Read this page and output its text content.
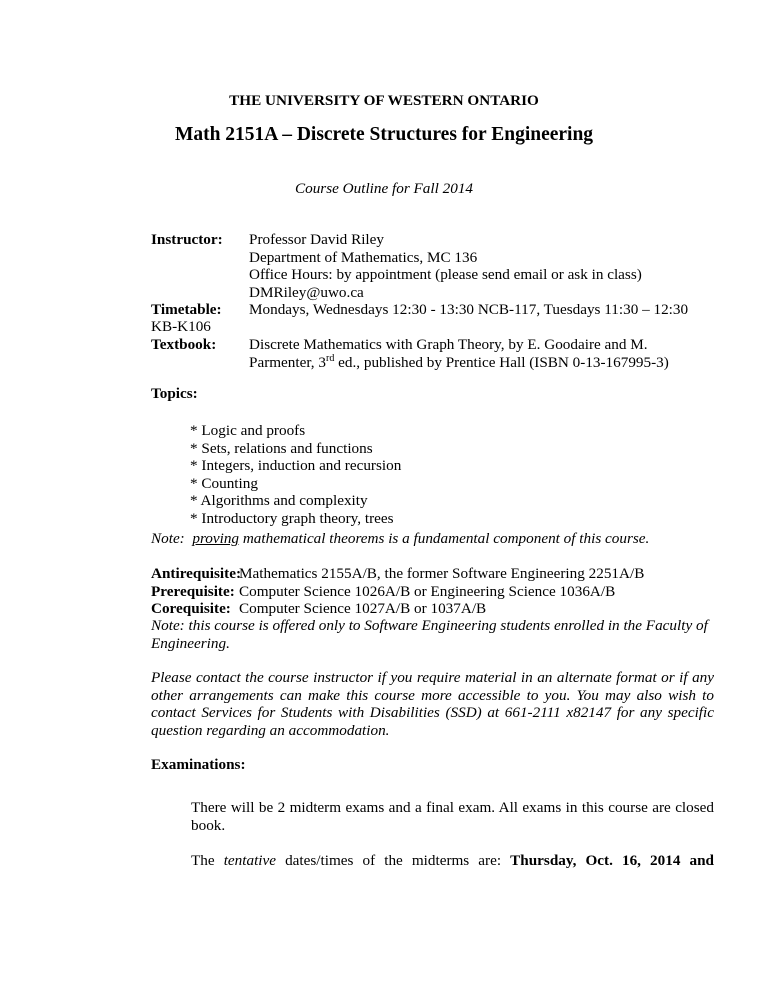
THE UNIVERSITY OF WESTERN ONTARIO
Math 2151A – Discrete Structures for Engineering
Course Outline for Fall 2014
Instructor: Professor David Riley
Department of Mathematics, MC 136
Office Hours: by appointment (please send email or ask in class)
DMRiley@uwo.ca
Timetable:
KB-K106
Mondays, Wednesdays 12:30 - 13:30 NCB-117, Tuesdays 11:30 – 12:30
Textbook: Discrete Mathematics with Graph Theory, by E. Goodaire and M.
Parmenter, 3rd ed., published by Prentice Hall (ISBN 0-13-167995-3)
Topics:
* Logic and proofs
* Sets, relations and functions
* Integers, induction and recursion
* Counting
* Algorithms and complexity
* Introductory graph theory, trees
Note:  proving mathematical theorems is a fundamental component of this course.
Antirequisite:Mathematics 2155A/B, the former Software Engineering 2251A/B
Prerequisite: Computer Science 1026A/B or Engineering Science 1036A/B
Corequisite: Computer Science 1027A/B or 1037A/B
Note: this course is offered only to Software Engineering students enrolled in the Faculty of Engineering.
Please contact the course instructor if you require material in an alternate format or if any other arrangements can make this course more accessible to you. You may also wish to contact Services for Students with Disabilities (SSD) at 661-2111 x82147 for any specific question regarding an accommodation.
Examinations:
There will be 2 midterm exams and a final exam. All exams in this course are closed book.
The tentative dates/times of the midterms are: Thursday, Oct. 16, 2014 and
